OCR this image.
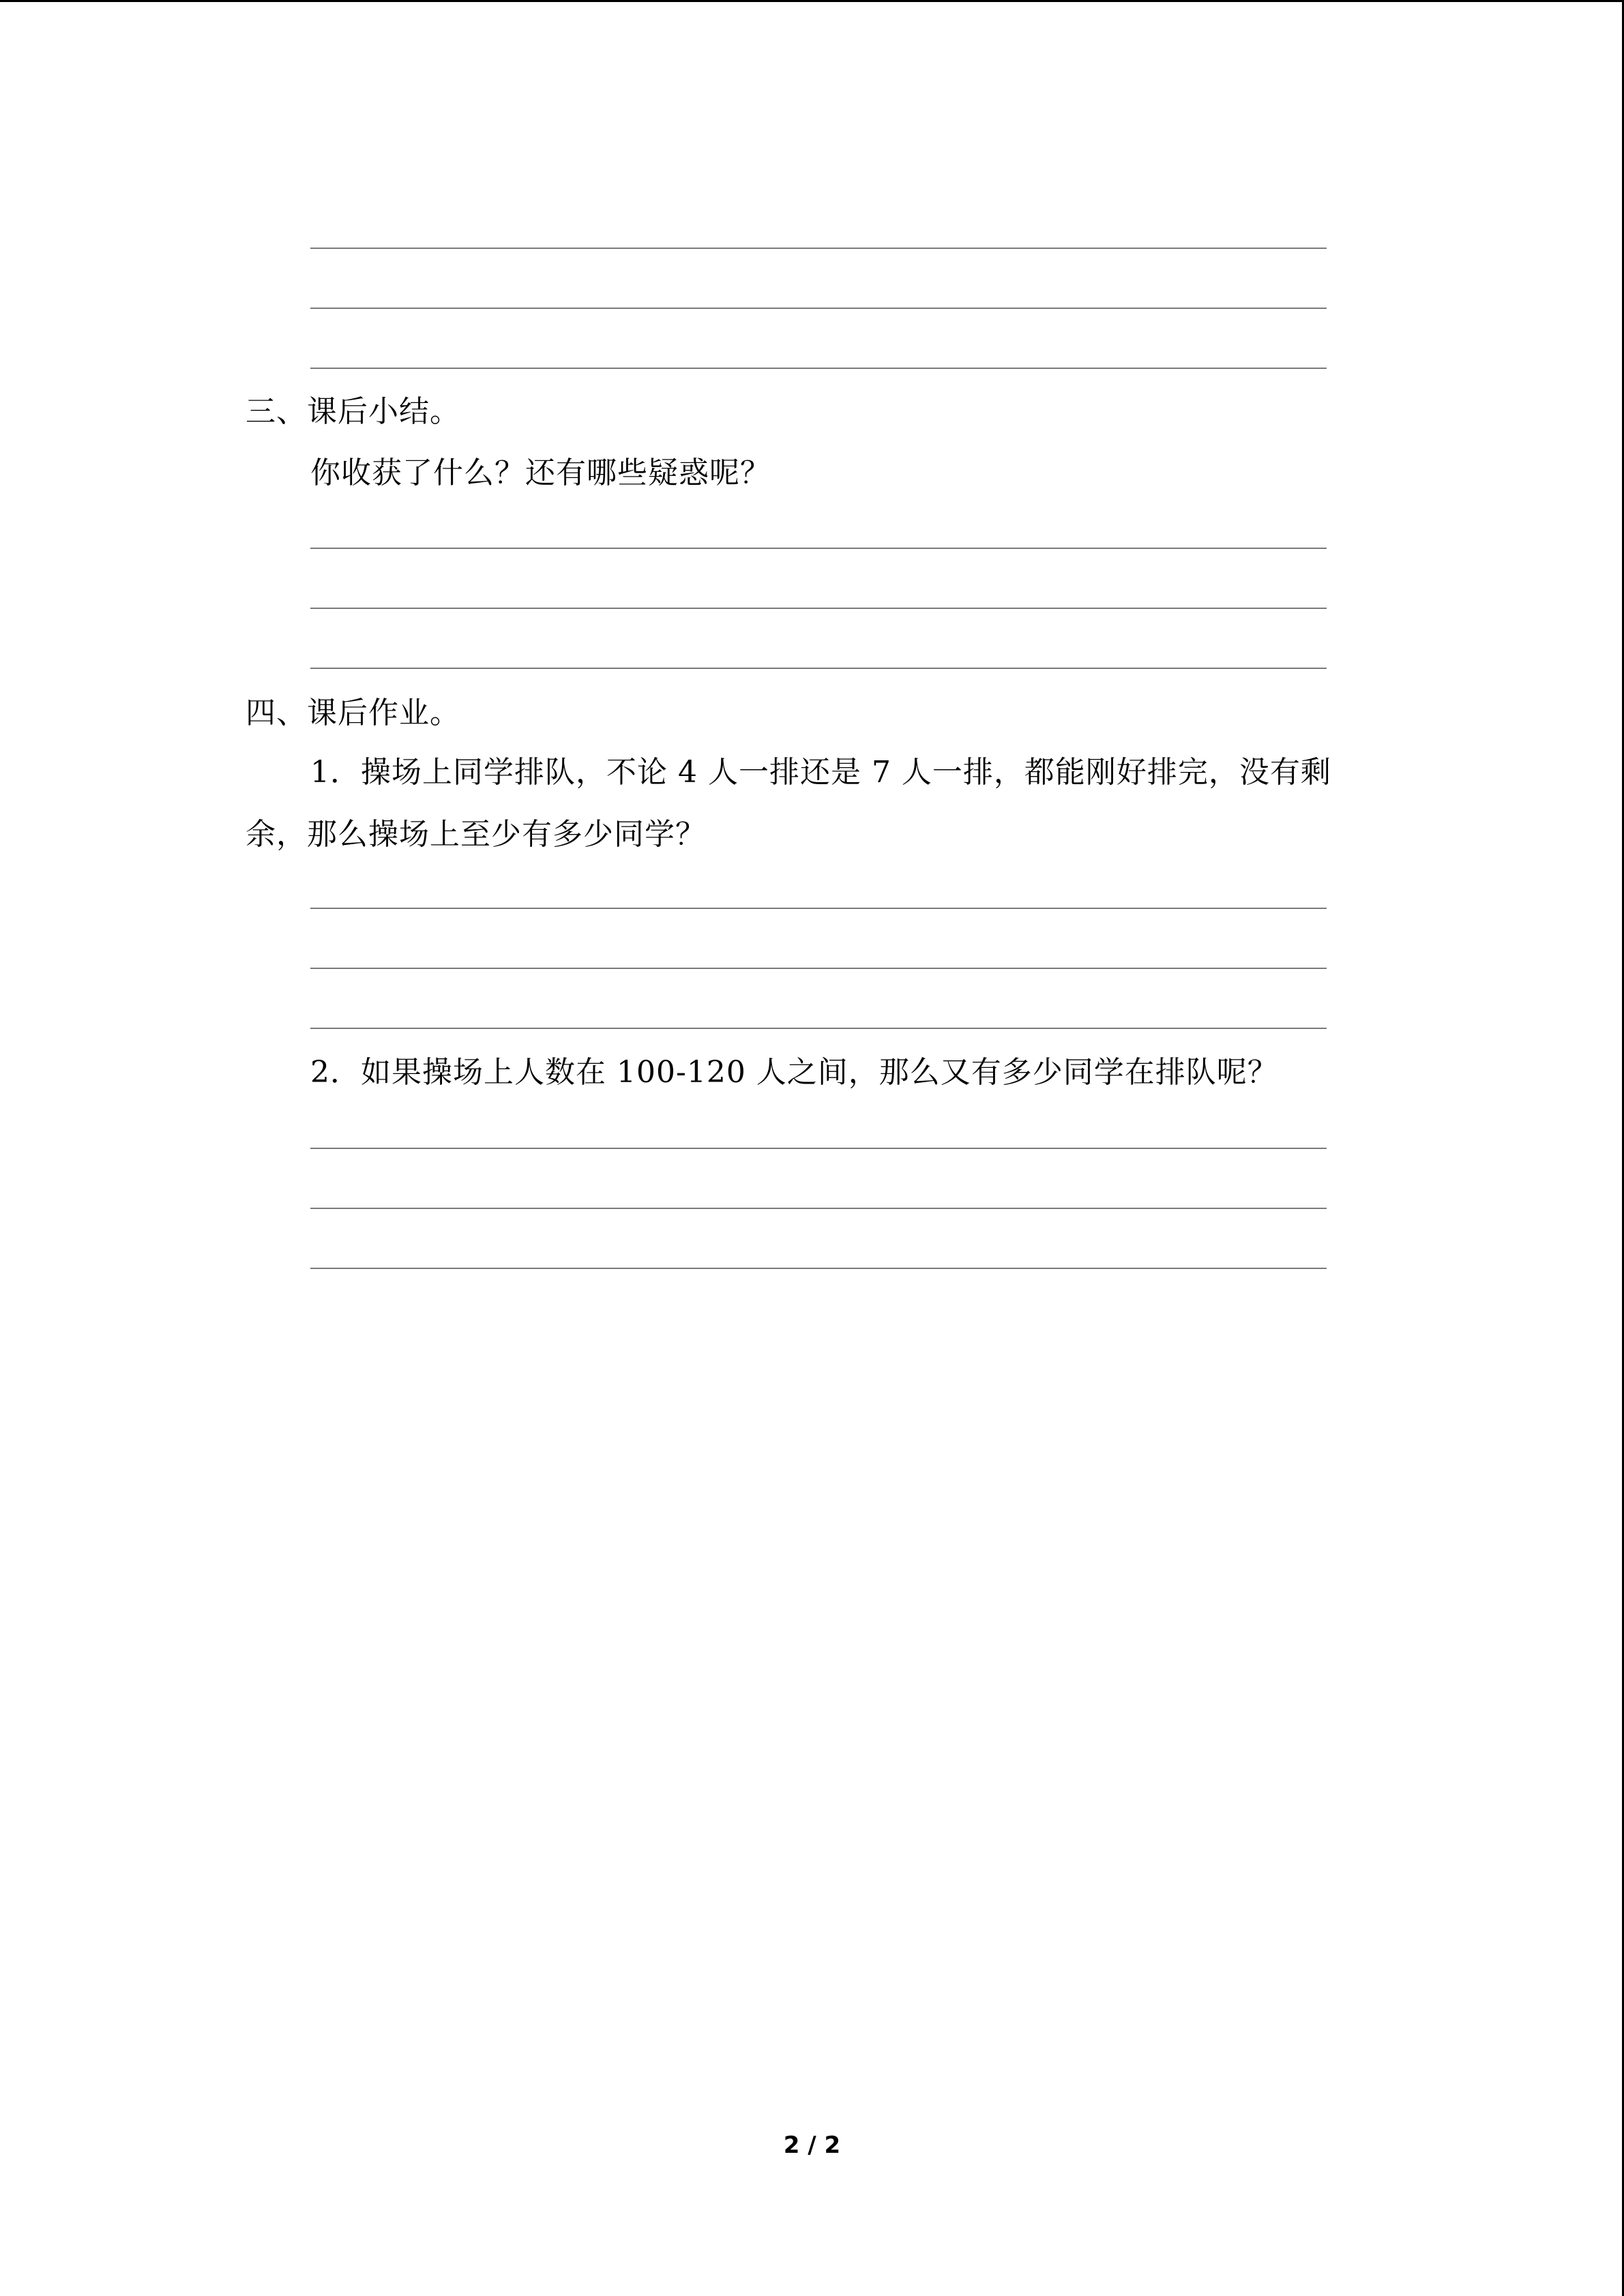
三、课后小结。
你收获了什么？还有哪些疑惑呢？
四、课后作业。
1．操场上同学排队，不论 4 人一排还是 7 人一排，都能刚好排完，没有剩
余，那么操场上至少有多少同学？
2．如果操场上人数在 100-120 人之间，那么又有多少同学在排队呢？
2 / 2
